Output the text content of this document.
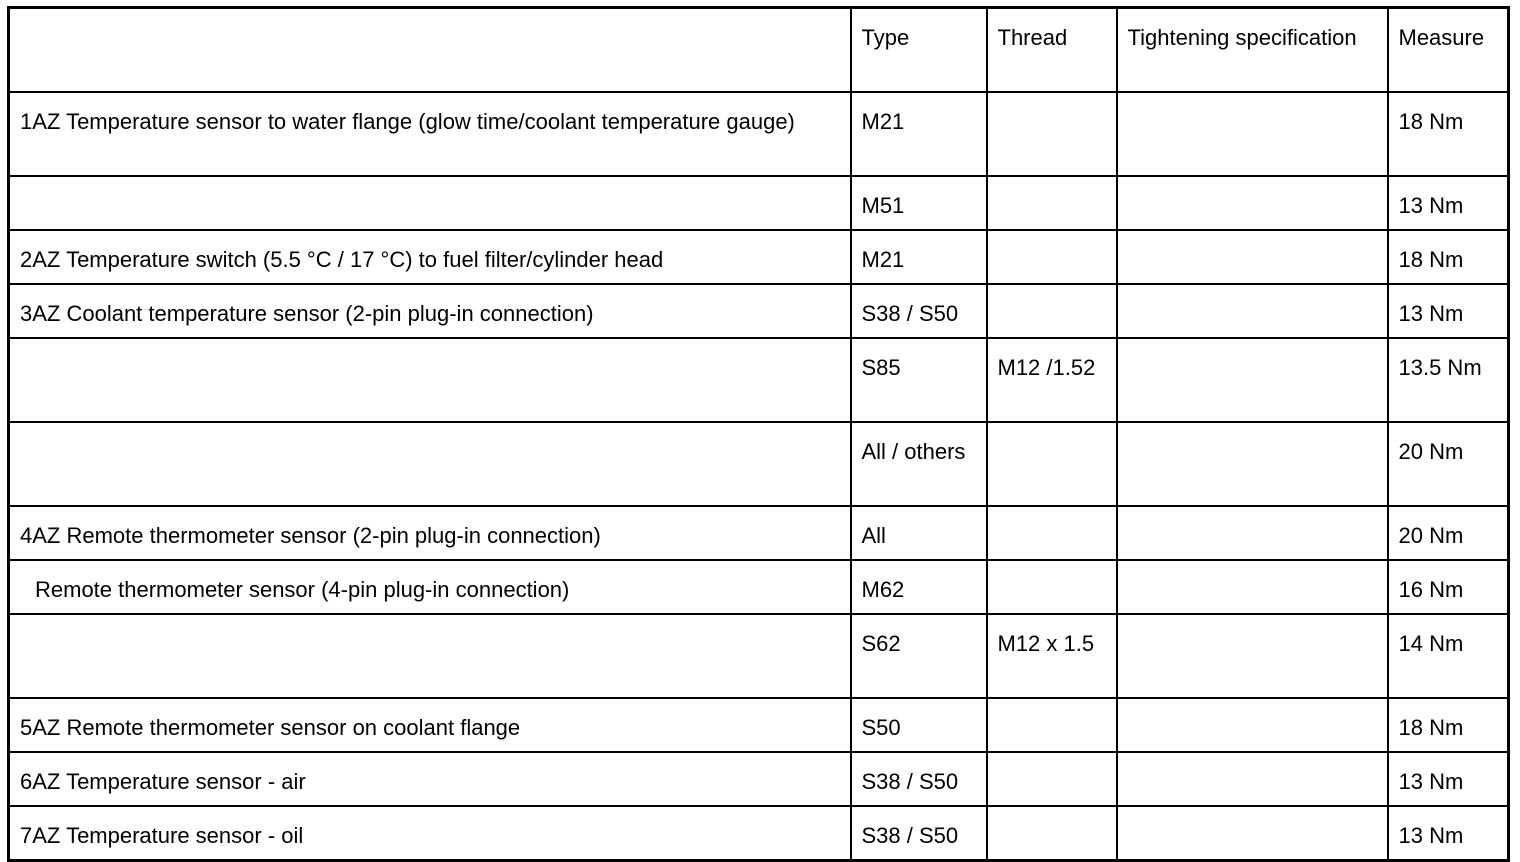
	Type	Thread	Tightening specification	Measure
1AZ Temperature sensor to water flange (glow time/coolant temperature gauge)	M21			18 Nm
	M51			13 Nm
2AZ Temperature switch (5.5 °C / 17 °C) to fuel filter/cylinder head	M21			18 Nm
3AZ Coolant temperature sensor (2-pin plug-in connection)	S38 / S50			13 Nm
	S85	M12 /1.52		13.5 Nm
	All / others			20 Nm
4AZ Remote thermometer sensor (2-pin plug-in connection)	All			20 Nm
Remote thermometer sensor (4-pin plug-in connection)	M62			16 Nm
	S62	M12 x 1.5		14 Nm
5AZ Remote thermometer sensor on coolant flange	S50			18 Nm
6AZ Temperature sensor - air	S38 / S50			13 Nm
7AZ Temperature sensor - oil	S38 / S50			13 Nm
